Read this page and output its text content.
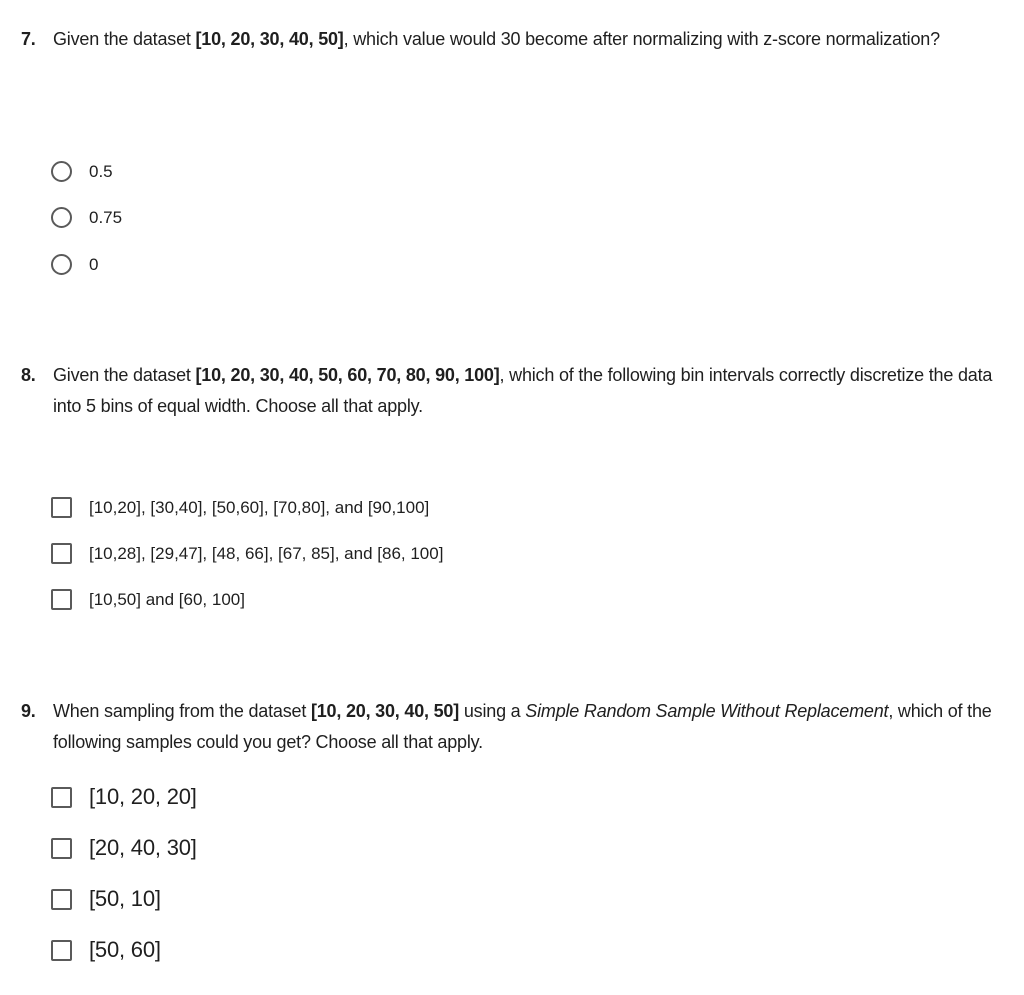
7. Given the dataset [10, 20, 30, 40, 50], which value would 30 become after normalizing with z-score normalization?
0.5
0.75
0
8. Given the dataset [10, 20, 30, 40, 50, 60, 70, 80, 90, 100], which of the following bin intervals correctly discretize the data into 5 bins of equal width. Choose all that apply.
[10,20], [30,40], [50,60], [70,80], and [90,100]
[10,28], [29,47], [48, 66], [67, 85], and [86, 100]
[10,50] and [60, 100]
9. When sampling from the dataset [10, 20, 30, 40, 50] using a Simple Random Sample Without Replacement, which of the following samples could you get? Choose all that apply.
[10, 20, 20]
[20, 40, 30]
[50, 10]
[50, 60]
